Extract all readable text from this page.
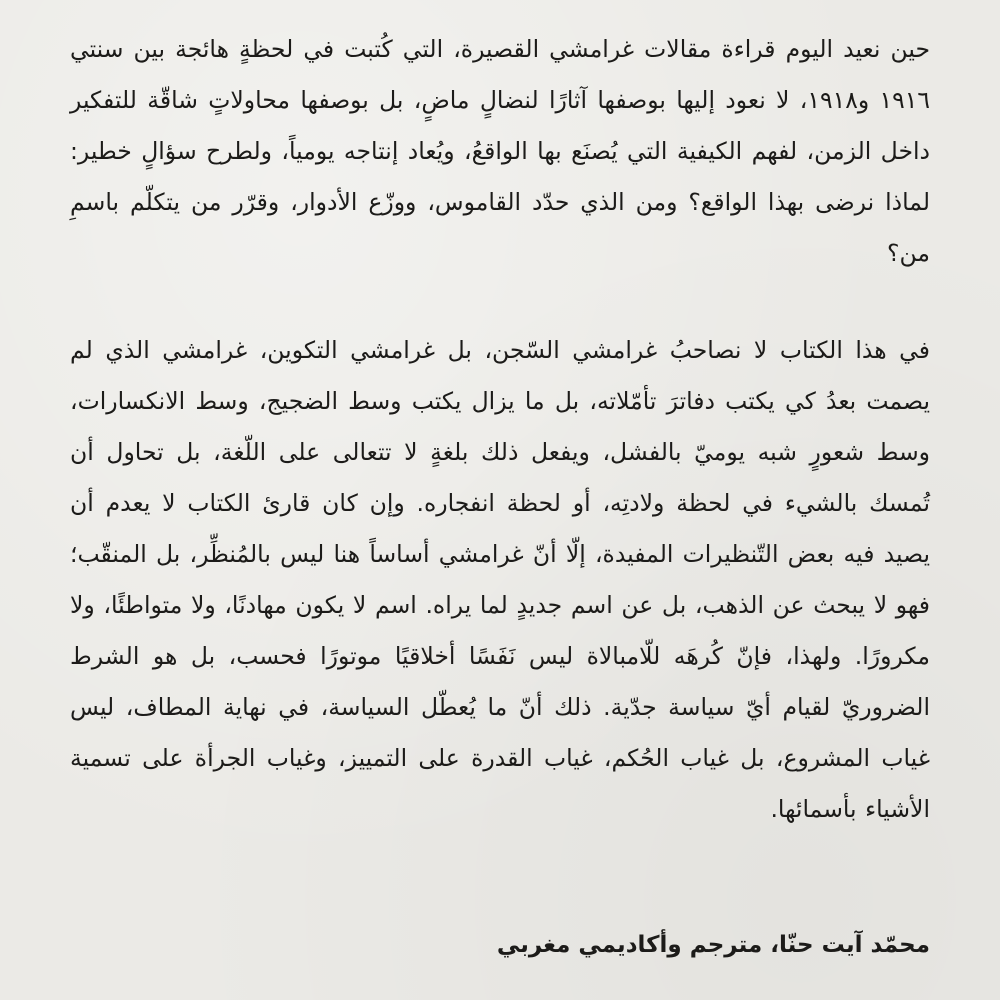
حين نعيد اليوم قراءة مقالات غرامشي القصيرة، التي كُتبت في لحظةٍ هائجة بين سنتي ١٩١٦ و١٩١٨، لا نعود إليها بوصفها آثارًا لنضالٍ ماضٍ، بل بوصفها محاولاتٍ شاقّة للتفكير داخل الزمن، لفهم الكيفية التي يُصنَع بها الواقعُ، ويُعاد إنتاجه يومياً، ولطرح سؤالٍ خطير: لماذا نرضى بهذا الواقع؟ ومن الذي حدّد القاموس، ووزّع الأدوار، وقرّر من يتكلّم باسمِ من؟

في هذا الكتاب لا نصاحبُ غرامشي السّجن، بل غرامشي التكوين، غرامشي الذي لم يصمت بعدُ كي يكتب دفاترَ تأمّلاته، بل ما يزال يكتب وسط الضجيج، وسط الانكسارات، وسط شعورٍ شبه يوميّ بالفشل، ويفعل ذلك بلغةٍ لا تتعالى على اللّغة، بل تحاول أن تُمسك بالشيء في لحظة ولادتِه، أو لحظة انفجاره. وإن كان قارئ الكتاب لا يعدم أن يصيد فيه بعض التّنظيرات المفيدة، إلّا أنّ غرامشي أساساً هنا ليس بالمُنظِّر، بل المنقّب؛ فهو لا يبحث عن الذهب، بل عن اسم جديدٍ لما يراه. اسم لا يكون مهادنًا، ولا متواطئًا، ولا مكرورًا. ولهذا، فإنّ كُرهَه للّامبالاة ليس نَفَسًا أخلاقيًا موتورًا فحسب، بل هو الشرط الضروريّ لقيام أيّ سياسة جدّية. ذلك أنّ ما يُعطّل السياسة، في نهاية المطاف، ليس غياب المشروع، بل غياب الحُكم، غياب القدرة على التمييز، وغياب الجرأة على تسمية الأشياء بأسمائها.

محمّد آيت حنّا، مترجم وأكاديمي مغربي
